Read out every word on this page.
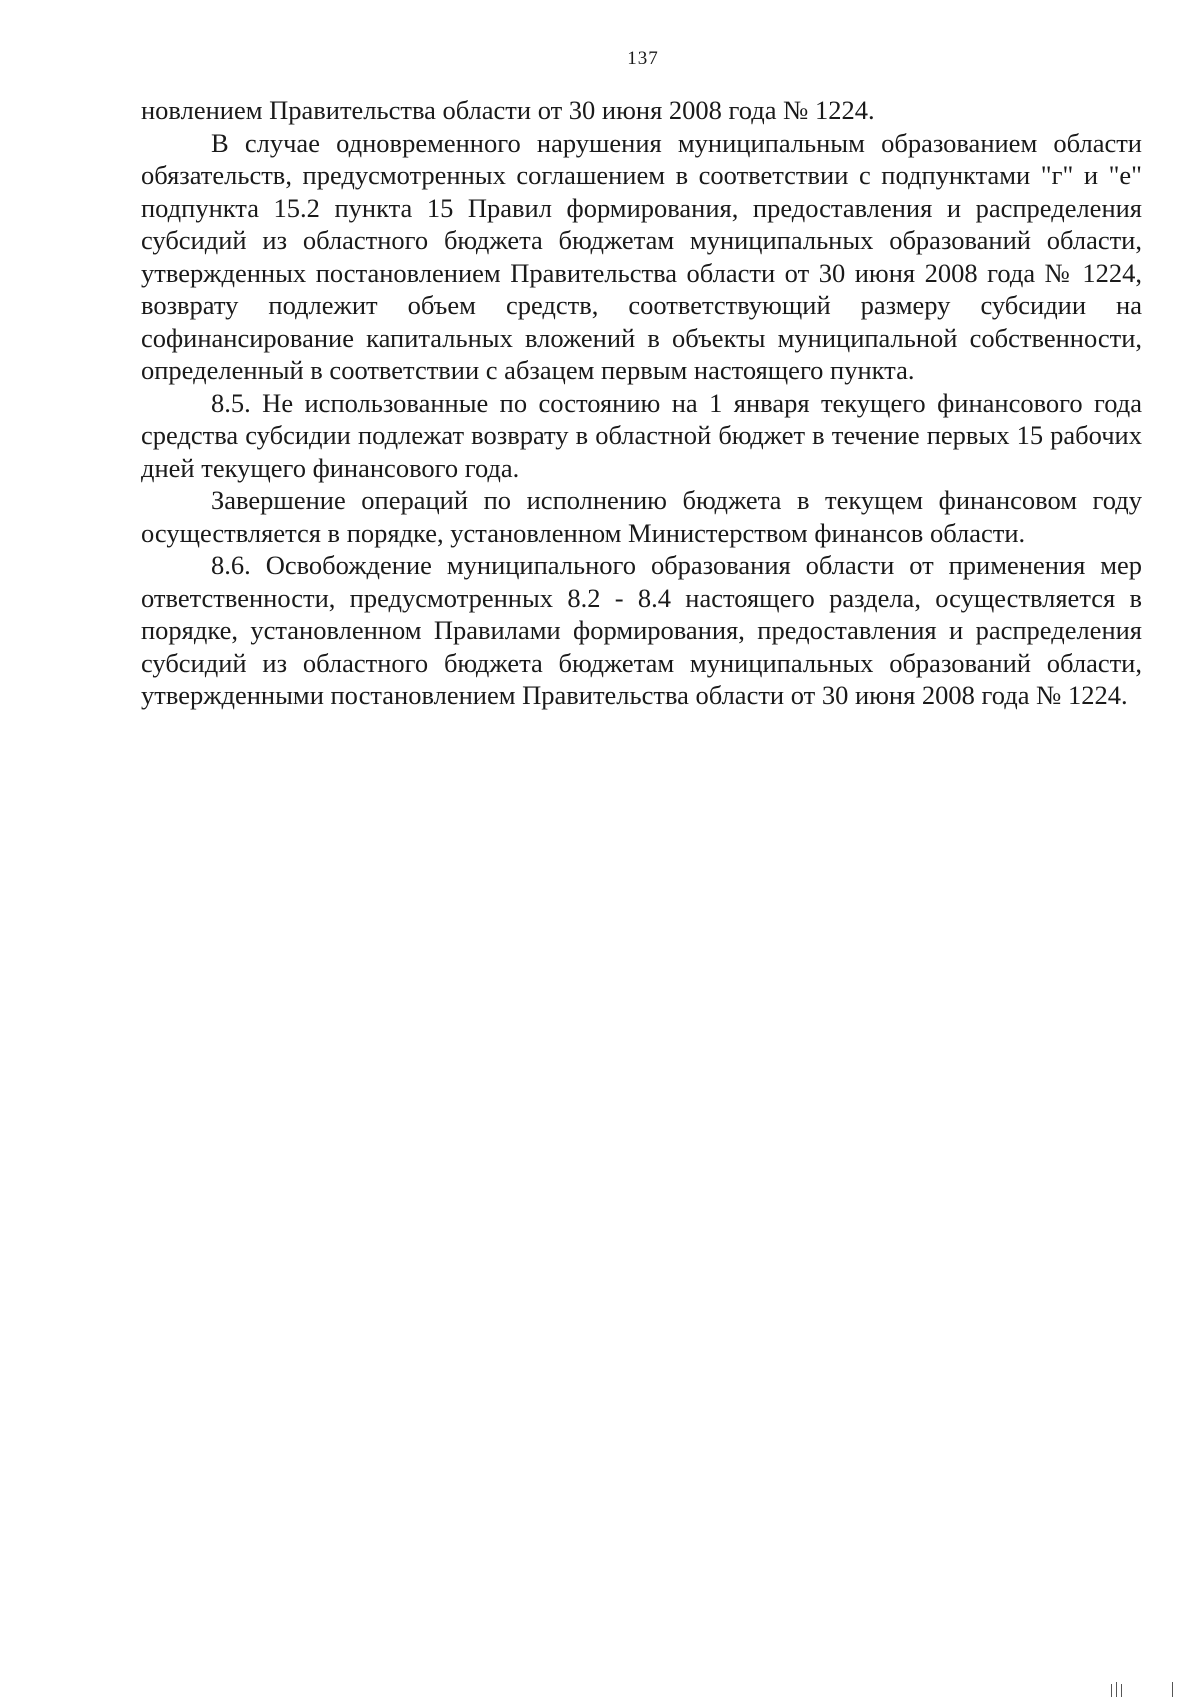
137

новлением Правительства области от 30 июня 2008 года № 1224.

В случае одновременного нарушения муниципальным образованием области обязательств, предусмотренных соглашением в соответствии с подпунктами "г" и "е" подпункта 15.2 пункта 15 Правил формирования, предоставления и распределения субсидий из областного бюджета бюджетам муниципальных образований области, утвержденных постановлением Правительства области от 30 июня 2008 года № 1224, возврату подлежит объем средств, соответствующий размеру субсидии на софинансирование капитальных вложений в объекты муниципальной собственности, определенный в соответствии с абзацем первым настоящего пункта.

8.5. Не использованные по состоянию на 1 января текущего финансового года средства субсидии подлежат возврату в областной бюджет в течение первых 15 рабочих дней текущего финансового года.

Завершение операций по исполнению бюджета в текущем финансовом году осуществляется в порядке, установленном Министерством финансов области.

8.6. Освобождение муниципального образования области от применения мер ответственности, предусмотренных 8.2 - 8.4 настоящего раздела, осуществляется в порядке, установленном Правилами формирования, предоставления и распределения субсидий из областного бюджета бюджетам муниципальных образований области, утвержденными постановлением Правительства области от 30 июня 2008 года № 1224.
